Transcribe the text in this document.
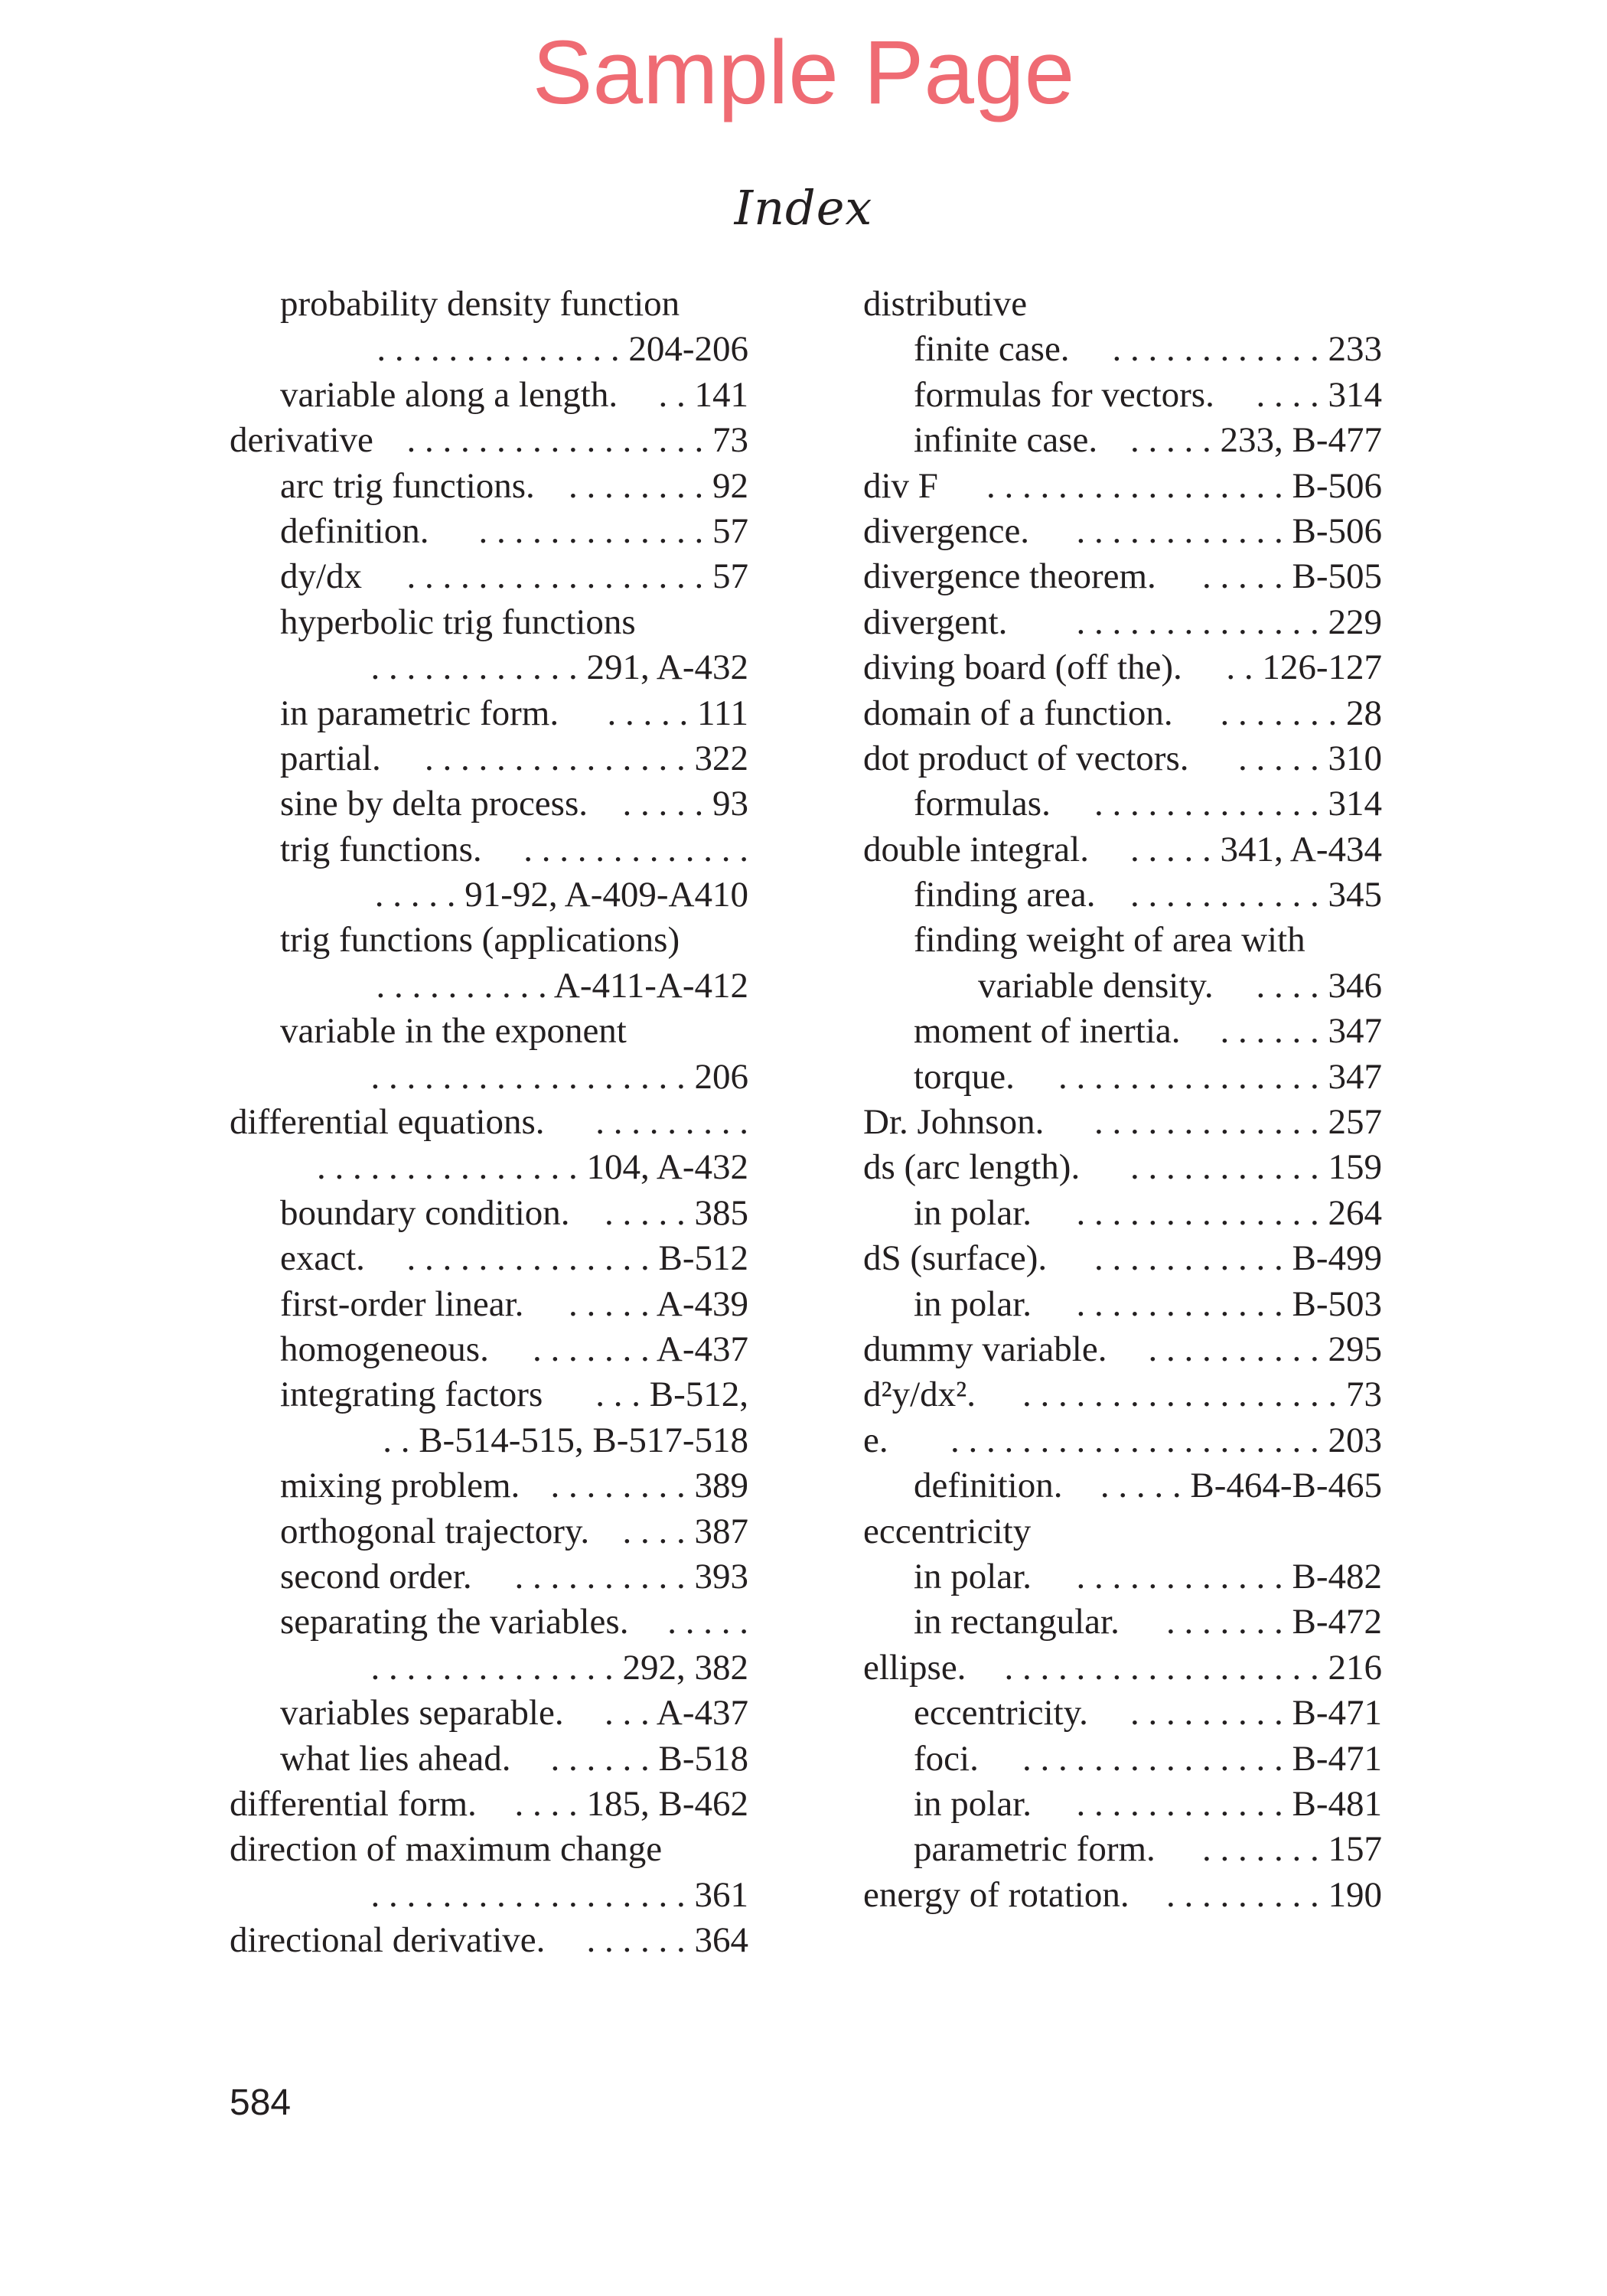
Sample Page
Index
probability density function
. . . . . . . . . . . . . . 204-206
variable along a length. . . 141
derivative . . . . . . . . . . . . . . . . . 73
arc trig functions. . . . . . . . . 92
definition. . . . . . . . . . . . . . 57
dy/dx . . . . . . . . . . . . . . . . . 57
hyperbolic trig functions
. . . . . . . . . . . . 291, A-432
in parametric form. . . . . . 111
partial. . . . . . . . . . . . . . . . 322
sine by delta process. . . . . . 93
trig functions. . . . . . . . . . . . . .
. . . . . 91-92, A-409-A410
trig functions (applications)
. . . . . . . . . . A-411-A-412
variable in the exponent
. . . . . . . . . . . . . . . . . . 206
differential equations. . . . . . . . . .
. . . . . . . . . . . . . . . 104, A-432
boundary condition. . . . . . 385
exact. . . . . . . . . . . . . . . B-512
first-order linear. . . . . . A-439
homogeneous. . . . . . . . A-437
integrating factors . . . B-512,
. . B-514-515, B-517-518
mixing problem. . . . . . . . . 389
orthogonal trajectory. . . . . 387
second order. . . . . . . . . . . 393
separating the variables. . . . . .
. . . . . . . . . . . . . . 292, 382
variables separable. . . . A-437
what lies ahead. . . . . . . B-518
differential form. . . . . 185, B-462
direction of maximum change
. . . . . . . . . . . . . . . . . . 361
directional derivative. . . . . . . 364
distributive
finite case. . . . . . . . . . . . . 233
formulas for vectors. . . . . 314
infinite case. . . . . . 233, B-477
div F . . . . . . . . . . . . . . . . . B-506
divergence. . . . . . . . . . . . . B-506
divergence theorem. . . . . . B-505
divergent. . . . . . . . . . . . . . . 229
diving board (off the). . . 126-127
domain of a function. . . . . . . . 28
dot product of vectors. . . . . . 310
formulas. . . . . . . . . . . . . . 314
double integral. . . . . . 341, A-434
finding area. . . . . . . . . . . . 345
finding weight of area with
variable density. . . . . 346
moment of inertia. . . . . . . 347
torque. . . . . . . . . . . . . . . . 347
Dr. Johnson. . . . . . . . . . . . . . 257
ds (arc length). . . . . . . . . . . . 159
in polar. . . . . . . . . . . . . . . 264
dS (surface). . . . . . . . . . . . B-499
in polar. . . . . . . . . . . . . B-503
dummy variable. . . . . . . . . . . 295
d²y/dx². . . . . . . . . . . . . . . . . . . 73
e. . . . . . . . . . . . . . . . . . . . . . 203
definition. . . . . . B-464-B-465
eccentricity
in polar. . . . . . . . . . . . . B-482
in rectangular. . . . . . . . B-472
ellipse. . . . . . . . . . . . . . . . . . . 216
eccentricity. . . . . . . . . . B-471
foci. . . . . . . . . . . . . . . . B-471
in polar. . . . . . . . . . . . . B-481
parametric form. . . . . . . . 157
energy of rotation. . . . . . . . . . 190
584
